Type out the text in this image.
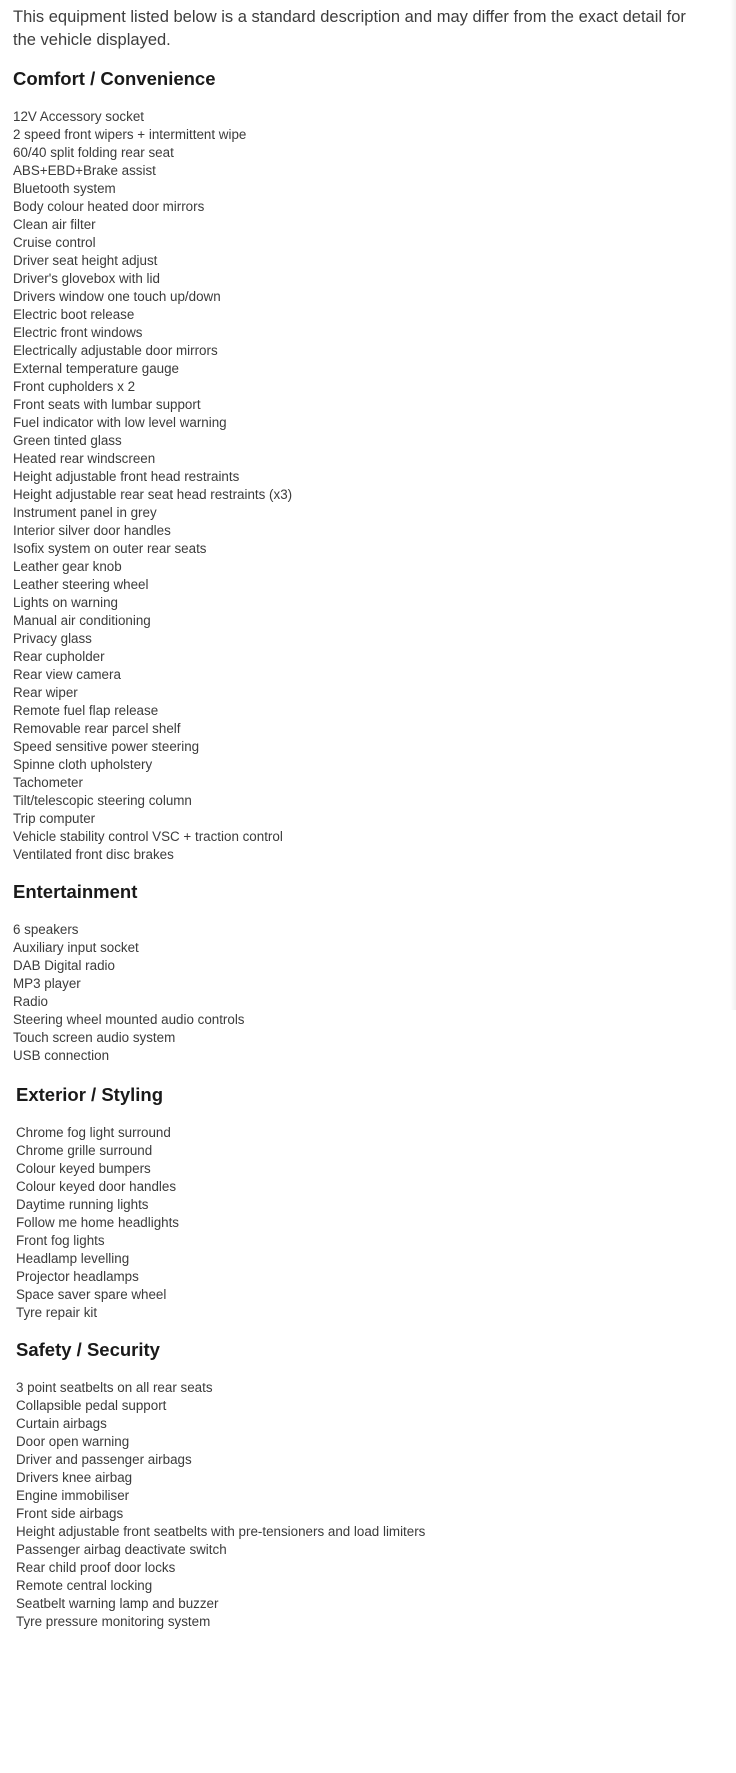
This equipment listed below is a standard description and may differ from the exact detail for the vehicle displayed.

Comfort / Convenience
12V Accessory socket
2 speed front wipers + intermittent wipe
60/40 split folding rear seat
ABS+EBD+Brake assist
Bluetooth system
Body colour heated door mirrors
Clean air filter
Cruise control
Driver seat height adjust
Driver's glovebox with lid
Drivers window one touch up/down
Electric boot release
Electric front windows
Electrically adjustable door mirrors
External temperature gauge
Front cupholders x 2
Front seats with lumbar support
Fuel indicator with low level warning
Green tinted glass
Heated rear windscreen
Height adjustable front head restraints
Height adjustable rear seat head restraints (x3)
Instrument panel in grey
Interior silver door handles
Isofix system on outer rear seats
Leather gear knob
Leather steering wheel
Lights on warning
Manual air conditioning
Privacy glass
Rear cupholder
Rear view camera
Rear wiper
Remote fuel flap release
Removable rear parcel shelf
Speed sensitive power steering
Spinne cloth upholstery
Tachometer
Tilt/telescopic steering column
Trip computer
Vehicle stability control VSC + traction control
Ventilated front disc brakes
Entertainment
6 speakers
Auxiliary input socket
DAB Digital radio
MP3 player
Radio
Steering wheel mounted audio controls
Touch screen audio system
USB connection
Exterior / Styling
Chrome fog light surround
Chrome grille surround
Colour keyed bumpers
Colour keyed door handles
Daytime running lights
Follow me home headlights
Front fog lights
Headlamp levelling
Projector headlamps
Space saver spare wheel
Tyre repair kit
Safety / Security
3 point seatbelts on all rear seats
Collapsible pedal support
Curtain airbags
Door open warning
Driver and passenger airbags
Drivers knee airbag
Engine immobiliser
Front side airbags
Height adjustable front seatbelts with pre-tensioners and load limiters
Passenger airbag deactivate switch
Rear child proof door locks
Remote central locking
Seatbelt warning lamp and buzzer
Tyre pressure monitoring system
